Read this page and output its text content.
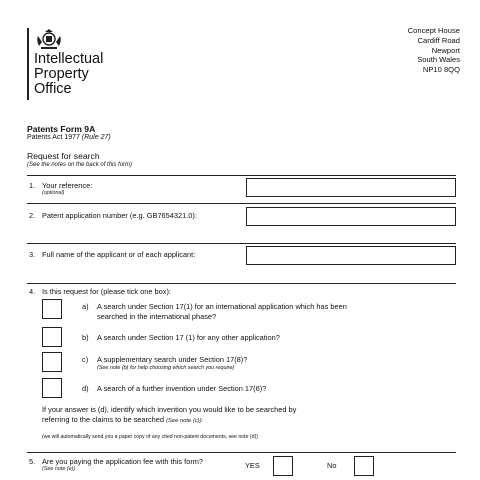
Intellectual
Property
Office
Concept House
Cardiff Road
Newport
South Wales
NP10 8QQ
Patents Form 9A
Patents Act 1977 (Rule 27)
Request for search
(See the notes on the back of this form)
1. Your reference:
(optional)
2. Patent application number (e.g. GB7654321.0):
3. Full name of the applicant or of each applicant:
4. Is this request for (please tick one box):
a) A search under Section 17(1) for an international application which has been
searched in the international phase?
b) A search under Section 17 (1) for any other application?
c) A supplementary search under Section 17(8)?
(See note (b) for help choosing which search you require)
d) A search of a further invention under Section 17(6)?
If your answer is (d), identify which invention you would like to be searched by
referring to the claims to be searched (See note (c)):
(we will automatically send you a paper copy of any cited non-patent documents, see note (d))
5. Are you paying the application fee with this form?
(See note (e))	YES	No
